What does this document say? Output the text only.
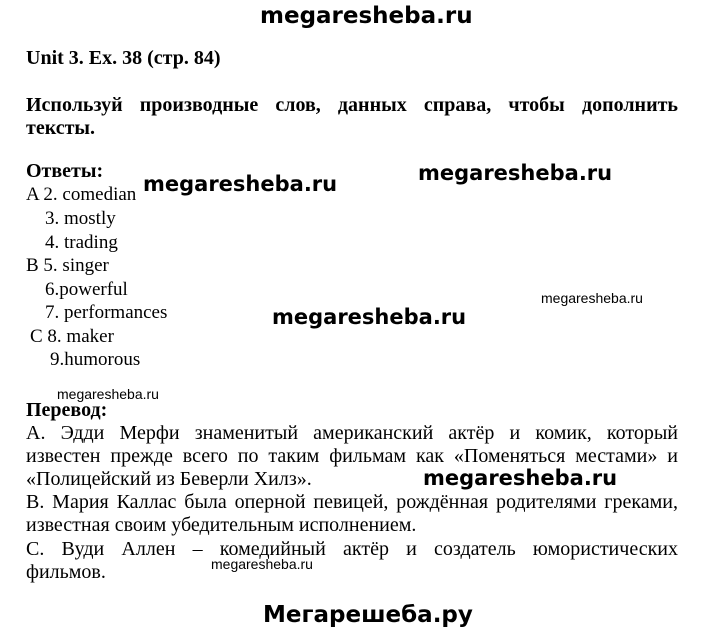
megaresheba.ru
megaresheba.ru
megaresheba.ru
megaresheba.ru
megaresheba.ru
megaresheba.ru
megaresheba.ru
megaresheba.ru
Мегарешеба.ру
Unit 3. Ex. 38 (стр. 84)

Используй производные слов, данных справа, чтобы дополнить

тексты.

Ответы:
A 2. comedian
3. mostly
4. trading
B 5. singer
6.powerful
7. performances
C 8. maker
9.humorous
Перевод:

А. Эдди Мерфи знаменитый американский актёр и комик, который

известен прежде всего по таким фильмам как «Поменяться местами» и

«Полицейский из Беверли Хилз».

В. Мария Каллас была оперной певицей, рождённая родителями греками,

известная своим убедительным исполнением.

С. Вуди Аллен – комедийный актёр и создатель юмористических

фильмов.
